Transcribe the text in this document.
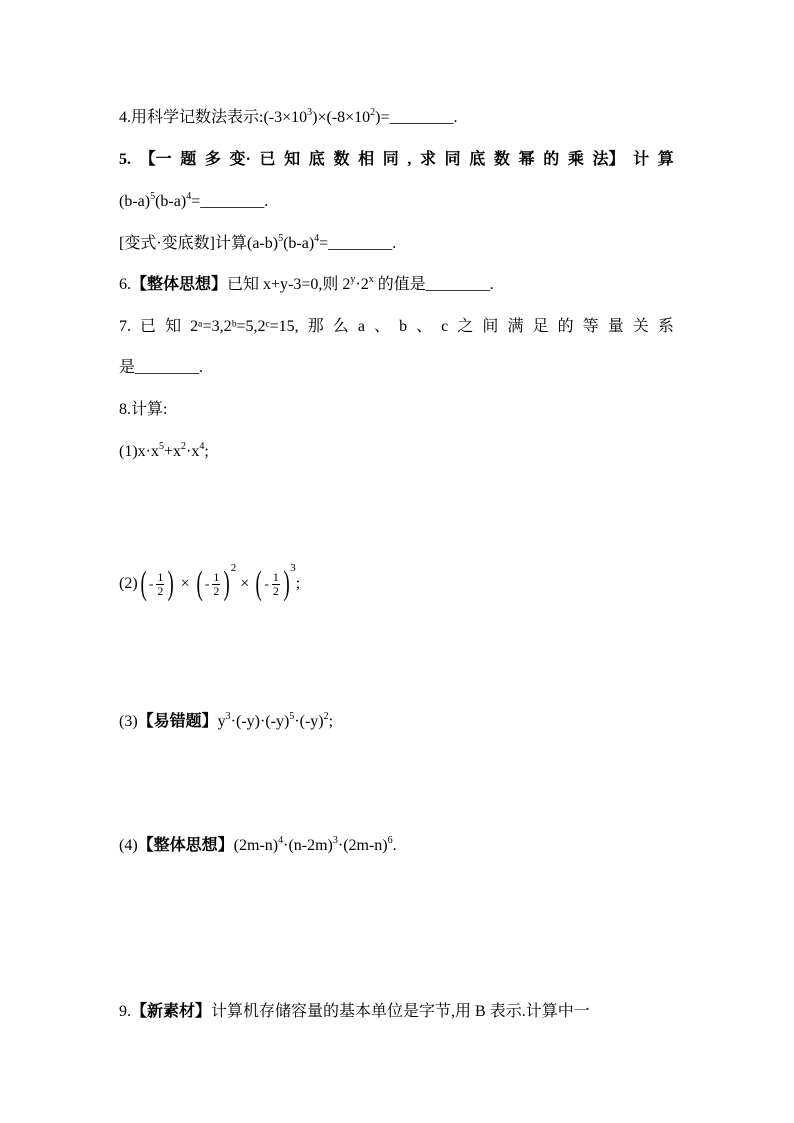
4.用科学记数法表示$:(-3\times 10^3)\times(-8\times 10^2)=\_\_\_\_\_\_\_\_$.
5. 【一 题 多 变· 已 知 底 数 相 同 , 求 同 底 数 幂 的 乘 法】 计 算
$(b-a)^5(b-a)^4=\_\_\_\_\_\_\_\_$.
[变式·变底数]计算$(a-b)^5(b-a)^4=\_\_\_\_\_\_\_\_$.
6.【整体思想】已知 x+y-3=0,则 $2^y\cdot 2^x$ 的值是________.
7. 已 知 2ᵃ=3,2ᵇ=5,2ᶜ=15, 那 么 a 、 b 、 c 之 间 满 足 的 等 量 关 系
是________.
8.计算:
$(1)x\cdot x^5+x^2\cdot x^4$;
(2) ( - $\frac{1}{2}$ ) × ( - $\frac{1}{2}$ ) 2
× ( - $\frac{1}{2}$ ) 3
;
(3)【易错题】$y^3\cdot(-y)\cdot(-y)^5\cdot(-y)^2$;
(4)【整体思想】$(2m-n)^4\cdot(n-2m)^3\cdot(2m-n)^6$.
9.【新素材】计算机存储容量的基本单位是字节,用 B 表示.计算中一
